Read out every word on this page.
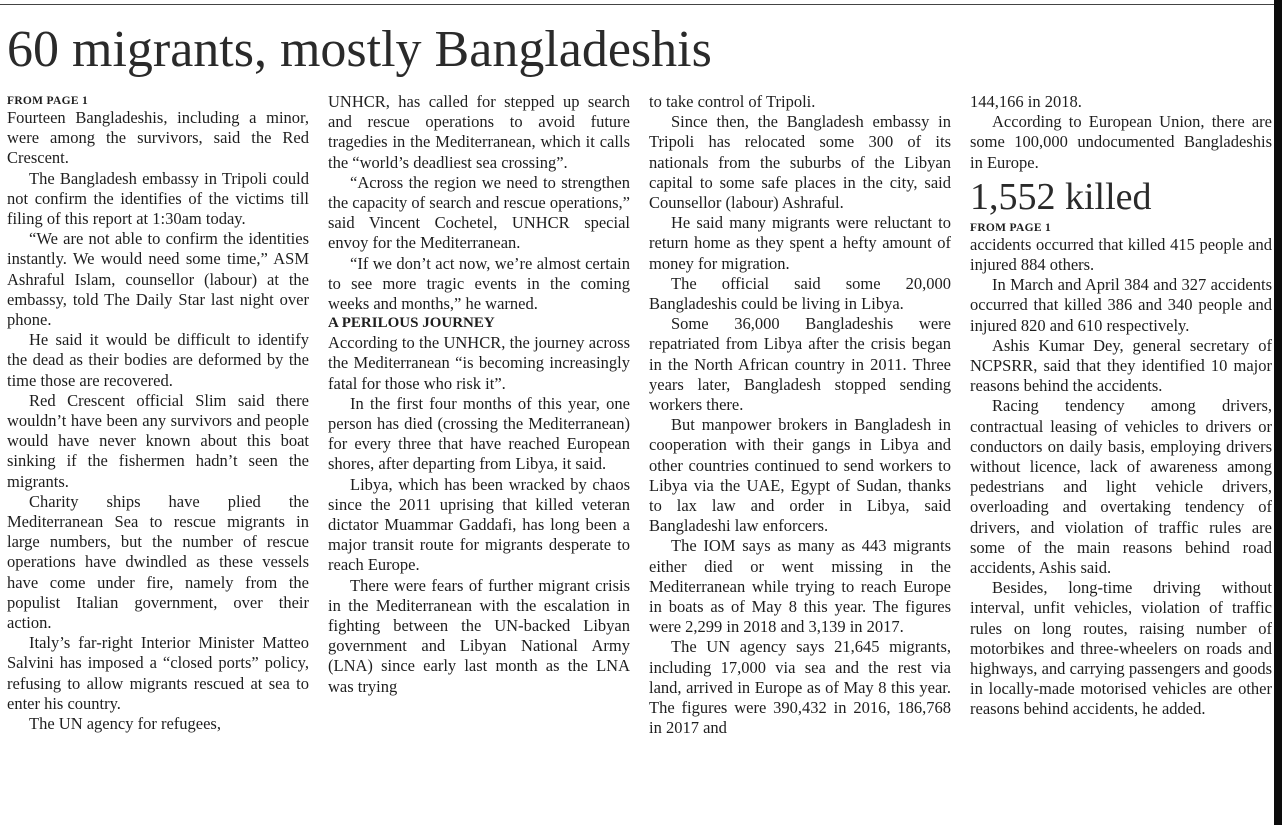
60 migrants, mostly Bangladeshis
FROM PAGE 1

Fourteen Bangladeshis, including a minor, were among the survivors, said the Red Crescent.

The Bangladesh embassy in Tripoli could not confirm the identifies of the victims till filing of this report at 1:30am today.

“We are not able to confirm the identities instantly. We would need some time,” ASM Ashraful Islam, counsellor (labour) at the embassy, told The Daily Star last night over phone.

He said it would be difficult to identify the dead as their bodies are deformed by the time those are recovered.

Red Crescent official Slim said there wouldn’t have been any survivors and people would have never known about this boat sinking if the fishermen hadn’t seen the migrants.

Charity ships have plied the Mediterranean Sea to rescue migrants in large numbers, but the number of rescue operations have dwindled as these vessels have come under fire, namely from the populist Italian government, over their action.

Italy’s far-right Interior Minister Matteo Salvini has imposed a “closed ports” policy, refusing to allow migrants rescued at sea to enter his country.

The UN agency for refugees,

UNHCR, has called for stepped up search and rescue operations to avoid future tragedies in the Mediterranean, which it calls the “world’s deadliest sea crossing”.

“Across the region we need to strengthen the capacity of search and rescue operations,” said Vincent Cochetel, UNHCR special envoy for the Mediterranean.

“If we don’t act now, we’re almost certain to see more tragic events in the coming weeks and months,” he warned.

A PERILOUS JOURNEY

According to the UNHCR, the journey across the Mediterranean “is becoming increasingly fatal for those who risk it”.

In the first four months of this year, one person has died (crossing the Mediterranean) for every three that have reached European shores, after departing from Libya, it said.

Libya, which has been wracked by chaos since the 2011 uprising that killed veteran dictator Muammar Gaddafi, has long been a major transit route for migrants desperate to reach Europe.

There were fears of further migrant crisis in the Mediterranean with the escalation in fighting between the UN-backed Libyan government and Libyan National Army (LNA) since early last month as the LNA was trying

to take control of Tripoli.

Since then, the Bangladesh embassy in Tripoli has relocated some 300 of its nationals from the suburbs of the Libyan capital to some safe places in the city, said Counsellor (labour) Ashraful.

He said many migrants were reluctant to return home as they spent a hefty amount of money for migration.

The official said some 20,000 Bangladeshis could be living in Libya.

Some 36,000 Bangladeshis were repatriated from Libya after the crisis began in the North African country in 2011. Three years later, Bangladesh stopped sending workers there.

But manpower brokers in Bangladesh in cooperation with their gangs in Libya and other countries continued to send workers to Libya via the UAE, Egypt of Sudan, thanks to lax law and order in Libya, said Bangladeshi law enforcers.

The IOM says as many as 443 migrants either died or went missing in the Mediterranean while trying to reach Europe in boats as of May 8 this year. The figures were 2,299 in 2018 and 3,139 in 2017.

The UN agency says 21,645 migrants, including 17,000 via sea and the rest via land, arrived in Europe as of May 8 this year. The figures were 390,432 in 2016, 186,768 in 2017 and

144,166 in 2018.

According to European Union, there are some 100,000 undocumented Bangladeshis in Europe.

1,552 killed
FROM PAGE 1

accidents occurred that killed 415 people and injured 884 others.

In March and April 384 and 327 accidents occurred that killed 386 and 340 people and injured 820 and 610 respectively.

Ashis Kumar Dey, general secretary of NCPSRR, said that they identified 10 major reasons behind the accidents.

Racing tendency among drivers, contractual leasing of vehicles to drivers or conductors on daily basis, employing drivers without licence, lack of awareness among pedestrians and light vehicle drivers, overloading and overtaking tendency of drivers, and violation of traffic rules are some of the main reasons behind road accidents, Ashis said.

Besides, long-time driving without interval, unfit vehicles, violation of traffic rules on long routes, raising number of motorbikes and three-wheelers on roads and highways, and carrying passengers and goods in locally-made motorised vehicles are other reasons behind accidents, he added.
